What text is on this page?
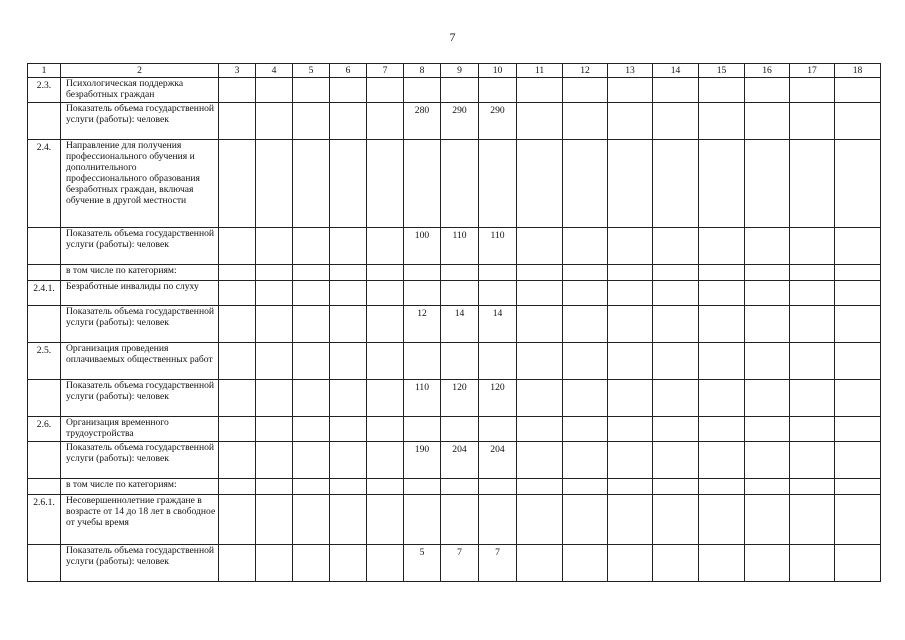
7
1	2	3	4	5	6	7	8	9	10	11	12	13	14	15	16	17	18
2.3.	Психологическая поддержка безработных граждан																
	Показатель объема государственной услуги (работы): человек						280	290	290								
2.4.	Направление для получения профессионального обучения и дополнительного профессионального образования безработных граждан, включая обучение в другой местности																
	Показатель объема государственной услуги (работы): человек						100	110	110								
	в том числе по категориям:																
2.4.1.	Безработные инвалиды по слуху																
	Показатель объема государственной услуги (работы): человек						12	14	14								
2.5.	Организация проведения оплачиваемых общественных работ																
	Показатель объема государственной услуги (работы): человек						110	120	120								
2.6.	Организация временного трудоустройства																
	Показатель объема государственной услуги (работы): человек						190	204	204								
	в том числе по категориям:																
2.6.1.	Несовершеннолетние граждане в возрасте от 14 до 18 лет в свободное от учебы время																
	Показатель объема государственной услуги (работы): человек						5	7	7								
